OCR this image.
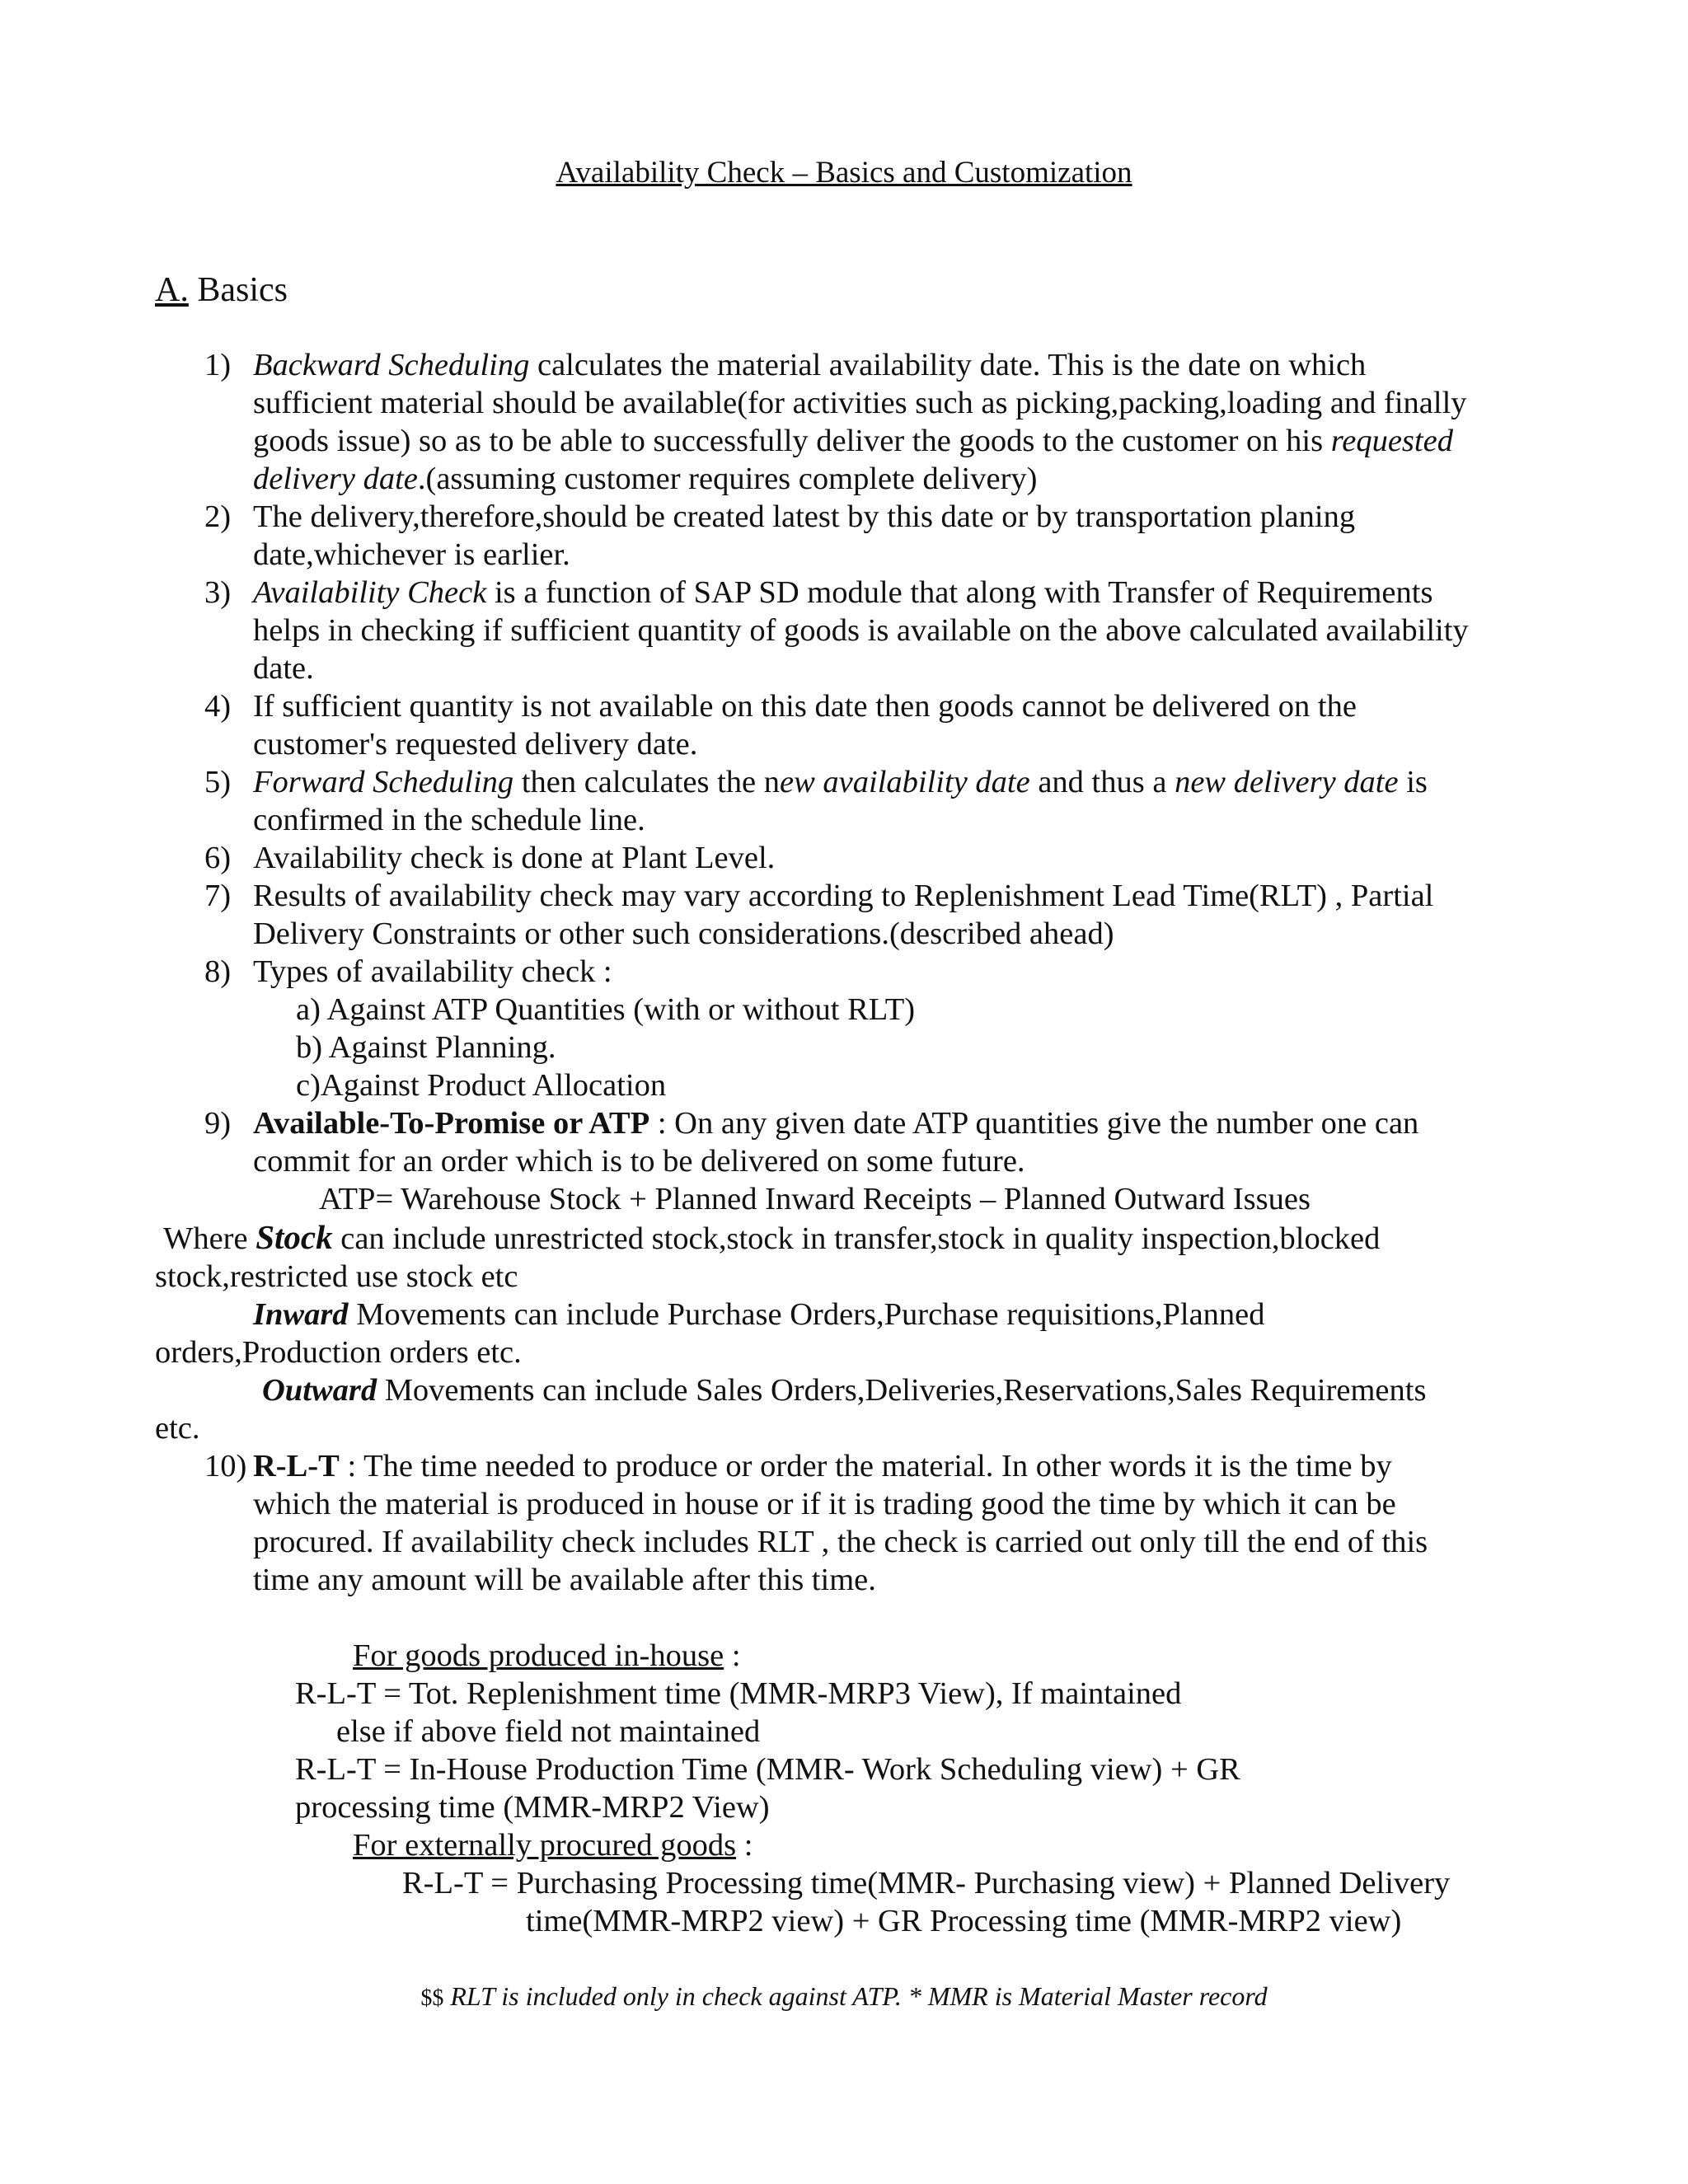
Availability Check – Basics and Customization
A. Basics
1) Backward Scheduling calculates the material availability date. This is the date on which
sufficient material should be available(for activities such as picking,packing,loading and finally
goods issue) so as to be able to successfully deliver the goods to the customer on his requested
delivery date.(assuming customer requires complete delivery)
2) The delivery,therefore,should be created latest by this date or by transportation planing
date,whichever is earlier.
3) Availability Check is a function of SAP SD module that along with Transfer of Requirements
helps in checking if sufficient quantity of goods is available on the above calculated availability
date.
4) If sufficient quantity is not available on this date then goods cannot be delivered on the
customer's requested delivery date.
5) Forward Scheduling then calculates the new availability date and thus a new delivery date is
confirmed in the schedule line.
6) Availability check is done at Plant Level.
7) Results of availability check may vary according to Replenishment Lead Time(RLT) , Partial
Delivery Constraints or other such considerations.(described ahead)
8) Types of availability check :
a) Against ATP Quantities (with or without RLT)
b) Against Planning.
c)Against Product Allocation
9) Available-To-Promise or ATP : On any given date ATP quantities give the number one can
commit for an order which is to be delivered on some future.
ATP= Warehouse Stock + Planned Inward Receipts – Planned Outward Issues
Where Stock can include unrestricted stock,stock in transfer,stock in quality inspection,blocked
stock,restricted use stock etc
Inward Movements can include Purchase Orders,Purchase requisitions,Planned
orders,Production orders etc.
Outward Movements can include Sales Orders,Deliveries,Reservations,Sales Requirements
etc.
10) R-L-T : The time needed to produce or order the material. In other words it is the time by
which the material is produced in house or if it is trading good the time by which it can be
procured. If availability check includes RLT , the check is carried out only till the end of this
time any amount will be available after this time.
For goods produced in-house :
R-L-T = Tot. Replenishment time (MMR-MRP3 View), If maintained
else if above field not maintained
R-L-T = In-House Production Time (MMR- Work Scheduling view) + GR
processing time (MMR-MRP2 View)
For externally procured goods :
R-L-T = Purchasing Processing time(MMR- Purchasing view) + Planned Delivery
time(MMR-MRP2 view) + GR Processing time (MMR-MRP2 view)
$$ RLT is included only in check against ATP. * MMR is Material Master record
